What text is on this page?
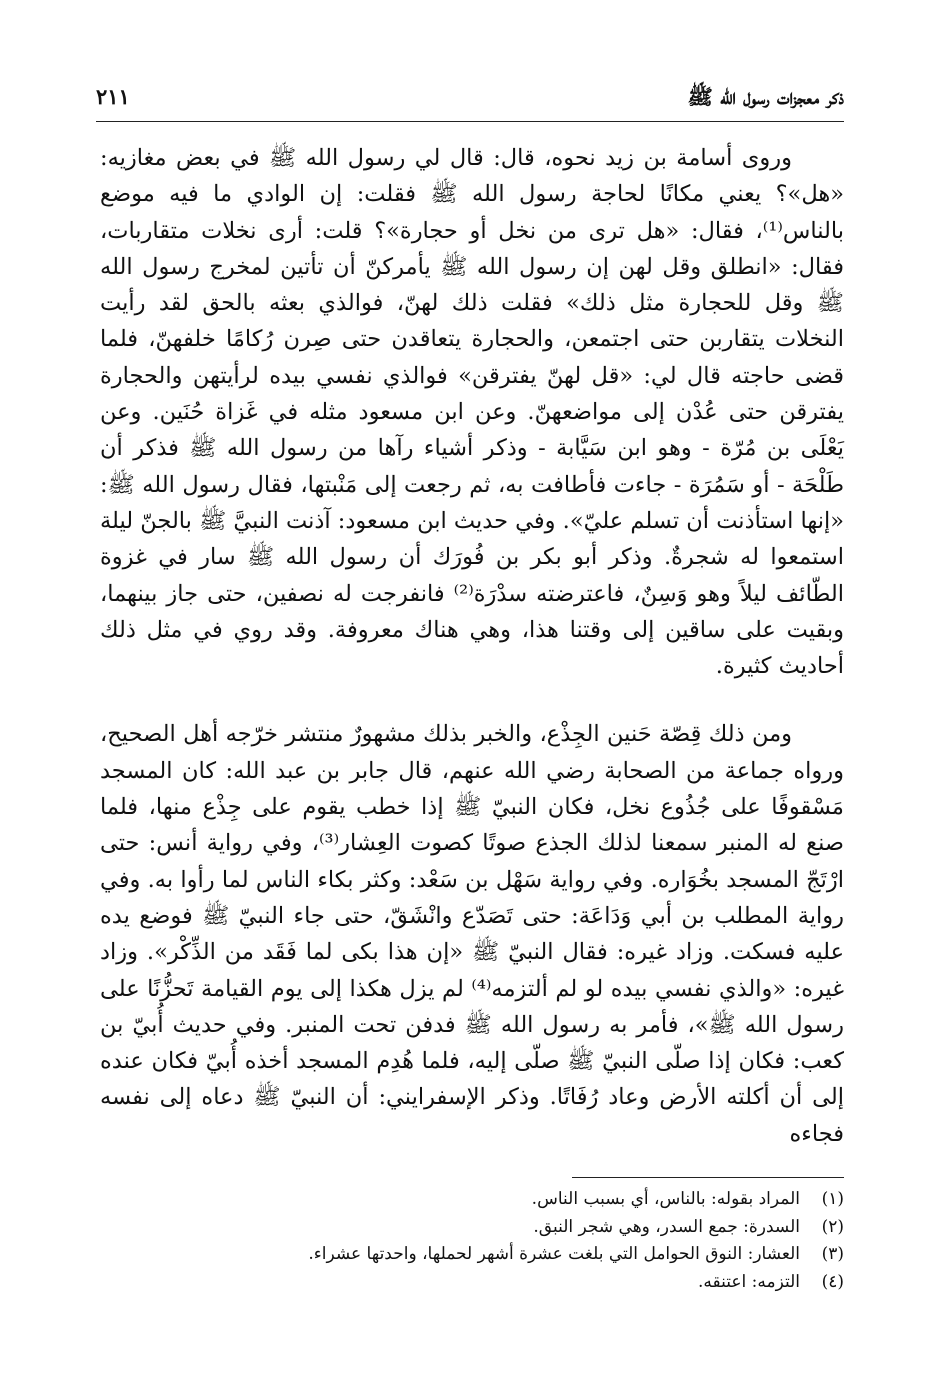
ذكر معجزات رسول الله ﷺ
٢١١

وروى أسامة بن زيد نحوه، قال: قال لي رسول الله ﷺ في بعض مغازيه: «هل»؟ يعني مكانًا لحاجة رسول الله ﷺ فقلت: إن الوادي ما فيه موضع بالناس⁽¹⁾، فقال: «هل ترى من نخل أو حجارة»؟ قلت: أرى نخلات متقاربات، فقال: «انطلق وقل لهن إن رسول الله ﷺ يأمركنّ أن تأتين لمخرج رسول الله ﷺ وقل للحجارة مثل ذلك» فقلت ذلك لهنّ، فوالذي بعثه بالحق لقد رأيت النخلات يتقاربن حتى اجتمعن، والحجارة يتعاقدن حتى صِرن رُكامًا خلفهنّ، فلما قضى حاجته قال لي: «قل لهنّ يفترقن» فوالذي نفسي بيده لرأيتهن والحجارة يفترقن حتى عُدْن إلى مواضعهنّ. وعن ابن مسعود مثله في غَزاة حُنَين. وعن يَعْلَى بن مُرّة - وهو ابن سَيَّابة - وذكر أشياء رآها من رسول الله ﷺ فذكر أن طَلْحَة - أو سَمُرَة - جاءت فأطافت به، ثم رجعت إلى مَنْبتها، فقال رسول الله ﷺ: «إنها استأذنت أن تسلم عليّ». وفي حديث ابن مسعود: آذنت النبيَّ ﷺ بالجنّ ليلة استمعوا له شجرةٌ. وذكر أبو بكر بن فُورَك أن رسول الله ﷺ سار في غزوة الطّائف ليلاً وهو وَسِنٌ، فاعترضته سدْرَة⁽²⁾ فانفرجت له نصفين، حتى جاز بينهما، وبقيت على ساقين إلى وقتنا هذا، وهي هناك معروفة. وقد روي في مثل ذلك أحاديث كثيرة.

ومن ذلك قِصّة حَنين الجِذْع، والخبر بذلك مشهورٌ منتشر خرّجه أهل الصحيح، ورواه جماعة من الصحابة رضي الله عنهم، قال جابر بن عبد الله: كان المسجد مَسْقوفًا على جُذُوع نخل، فكان النبيّ ﷺ إذا خطب يقوم على جِذْع منها، فلما صنع له المنبر سمعنا لذلك الجذع صوتًا كصوت العِشار⁽³⁾، وفي رواية أنس: حتى ارْتَجّ المسجد بخُوَاره. وفي رواية سَهْل بن سَعْد: وكثر بكاء الناس لما رأوا به. وفي رواية المطلب بن أبي وَدَاعَة: حتى تَصَدّع وانْشَقّ، حتى جاء النبيّ ﷺ فوضع يده عليه فسكت. وزاد غيره: فقال النبيّ ﷺ «إن هذا بكى لما فَقَد من الذِّكْر». وزاد غيره: «والذي نفسي بيده لو لم ألتزمه⁽⁴⁾ لم يزل هكذا إلى يوم القيامة تَحزُّنًا على رسول الله ﷺ»، فأمر به رسول الله ﷺ فدفن تحت المنبر. وفي حديث أُبيّ بن كعب: فكان إذا صلّى النبيّ ﷺ صلّى إليه، فلما هُدِم المسجد أخذه أُبيّ فكان عنده إلى أن أكلته الأرض وعاد رُفَاتًا. وذكر الإسفرايني: أن النبيّ ﷺ دعاه إلى نفسه فجاءه

(١)
المراد بقوله: بالناس، أي بسبب الناس.
(٢)
السدرة: جمع السدر، وهي شجر النبق.
(٣)
العشار: النوق الحوامل التي بلغت عشرة أشهر لحملها، واحدتها عشراء.
(٤)
التزمه: اعتنقه.
